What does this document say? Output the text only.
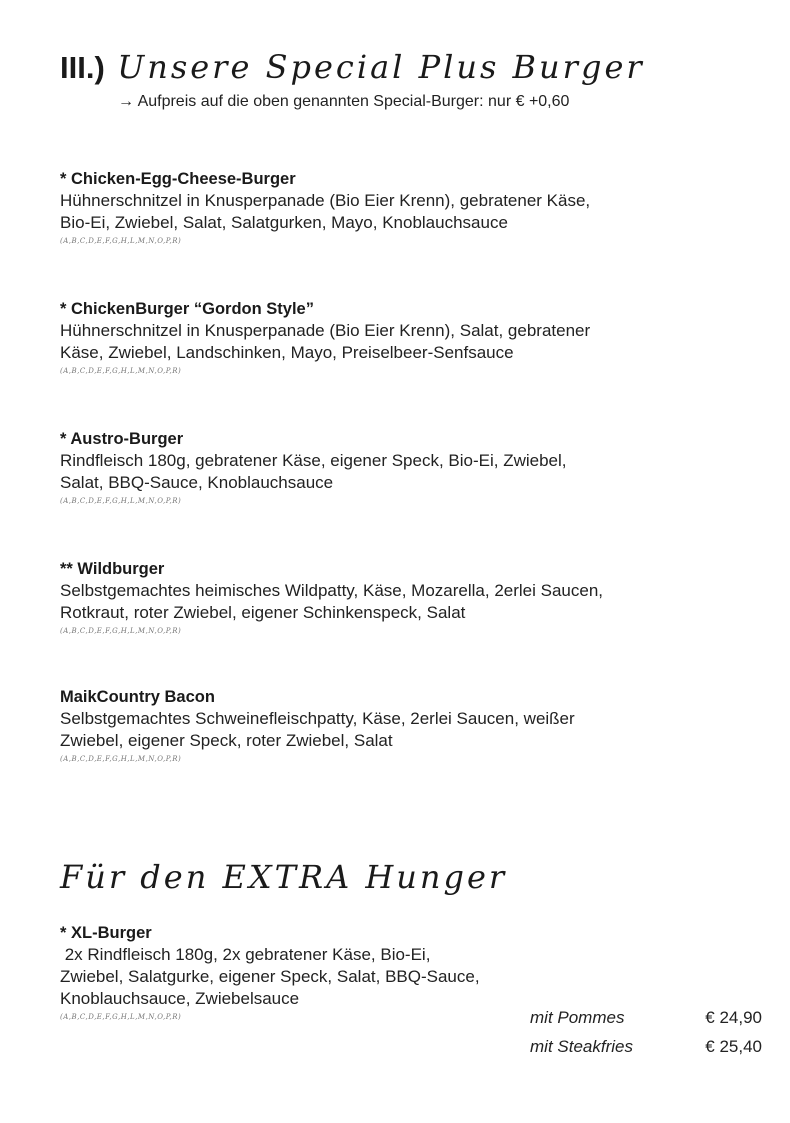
III.) Unsere Special Plus Burger
→ Aufpreis auf die oben genannten Special-Burger: nur € +0,60
* Chicken-Egg-Cheese-Burger
Hühnerschnitzel in Knusperpanade (Bio Eier Krenn), gebratener Käse,
Bio-Ei, Zwiebel, Salat, Salatgurken, Mayo, Knoblauchsauce
(A,B,C,D,E,F,G,H,L,M,N,O,P,R)
* ChickenBurger “Gordon Style”
Hühnerschnitzel in Knusperpanade (Bio Eier Krenn), Salat, gebratener
Käse, Zwiebel, Landschinken, Mayo, Preiselbeer-Senfsauce
(A,B,C,D,E,F,G,H,L,M,N,O,P,R)
* Austro-Burger
Rindfleisch 180g, gebratener Käse, eigener Speck, Bio-Ei, Zwiebel,
Salat, BBQ-Sauce, Knoblauchsauce
(A,B,C,D,E,F,G,H,L,M,N,O,P,R)
** Wildburger
Selbstgemachtes heimisches Wildpatty, Käse, Mozarella, 2erlei Saucen,
Rotkraut, roter Zwiebel, eigener Schinkenspeck, Salat
(A,B,C,D,E,F,G,H,L,M,N,O,P,R)
MaikCountry Bacon
Selbstgemachtes Schweinefleischpatty, Käse, 2erlei Saucen, weißer
Zwiebel, eigener Speck, roter Zwiebel, Salat
(A,B,C,D,E,F,G,H,L,M,N,O,P,R)
Für den EXTRA Hunger
* XL-Burger
2x Rindfleisch 180g, 2x gebratener Käse, Bio-Ei,
Zwiebel, Salatgurke, eigener Speck, Salat, BBQ-Sauce,
Knoblauchsauce, Zwiebelsauce
(A,B,C,D,E,F,G,H,L,M,N,O,P,R)	mit Pommes	€ 24,90
mit Steakfries	€ 25,40
